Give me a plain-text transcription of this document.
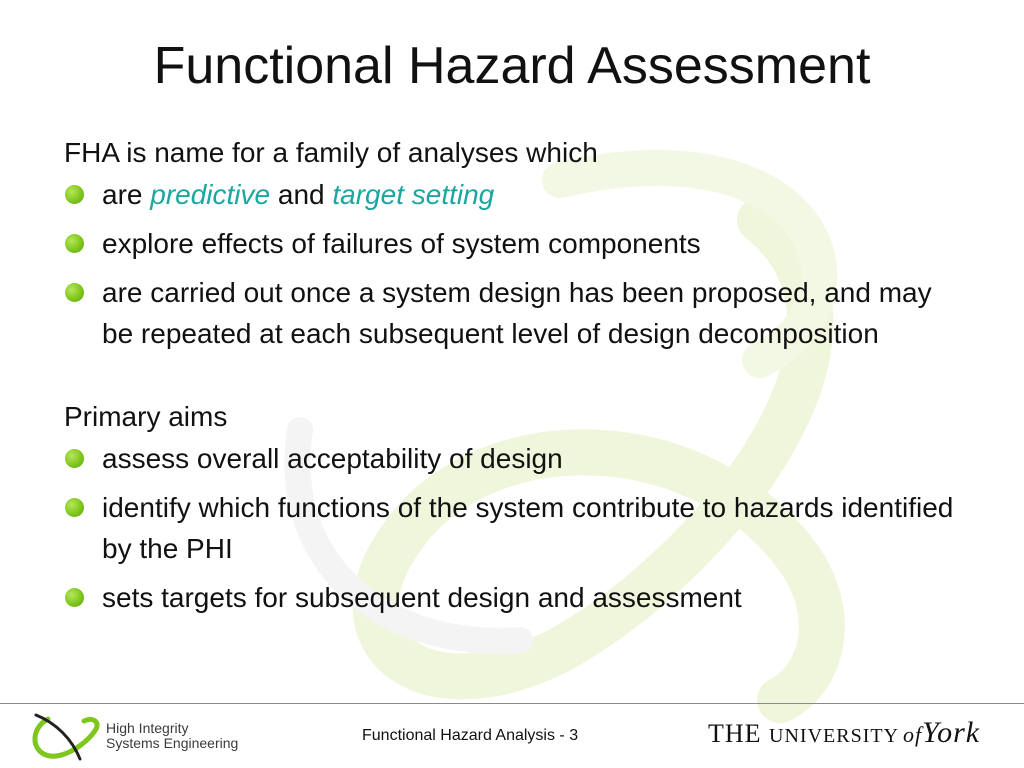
Functional Hazard Assessment

FHA is name for a family of analyses which

are predictive and target setting
explore effects of failures of system components
are carried out once a system design has been proposed, and may be repeated at each subsequent level of design decomposition

Primary aims

assess overall acceptability of design
identify which functions of the system contribute to hazards identified by the PHI
sets targets for subsequent design and assessment
High Integrity
Systems Engineering	Functional Hazard Analysis - 3	THE UNIVERSITY ofYork
